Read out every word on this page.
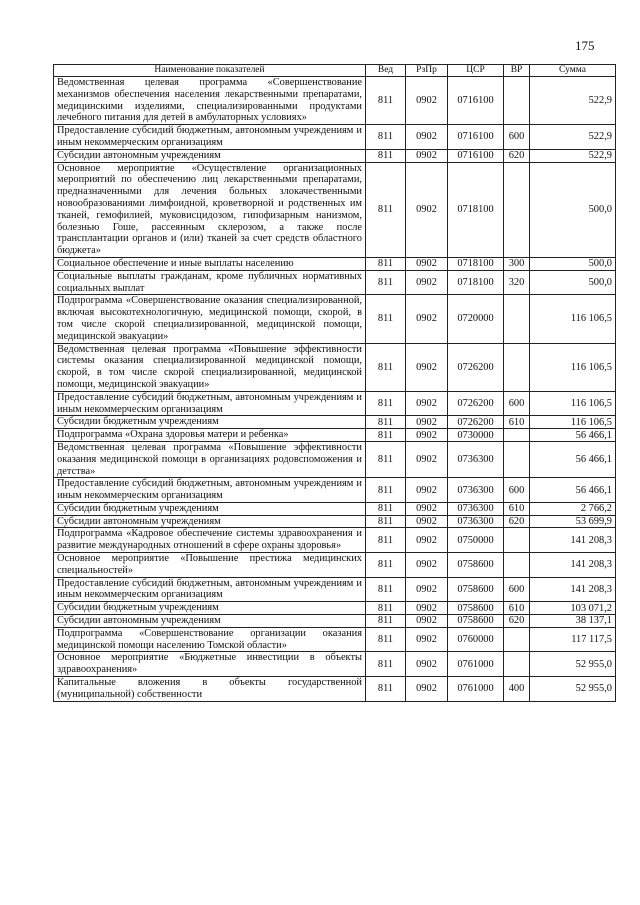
175
Наименование показателей	Вед	РзПр	ЦСР	ВР	Сумма
Ведомственная целевая программа «Совершенствование механизмов обеспечения населения лекарственными препаратами, медицинскими изделиями, специализированными продуктами лечебного питания для детей в амбулаторных условиях»	811	0902	0716100		522,9
Предоставление субсидий бюджетным, автономным учреждениям и иным некоммерческим организациям	811	0902	0716100	600	522,9
Субсидии автономным учреждениям	811	0902	0716100	620	522,9
Основное мероприятие «Осуществление организационных мероприятий по обеспечению лиц лекарственными препаратами, предназначенными для лечения больных злокачественными новообразованиями лимфоидной, кроветворной и родственных им тканей, гемофилией, муковисцидозом, гипофизарным нанизмом, болезнью Гоше, рассеянным склерозом, а также после трансплантации органов и (или) тканей за счет средств областного бюджета»	811	0902	0718100		500,0
Социальное обеспечение и иные выплаты населению	811	0902	0718100	300	500,0
Социальные выплаты гражданам, кроме публичных нормативных социальных выплат	811	0902	0718100	320	500,0
Подпрограмма «Совершенствование оказания специализированной, включая высокотехнологичную, медицинской помощи, скорой, в том числе скорой специализированной, медицинской помощи, медицинской эвакуации»	811	0902	0720000		116 106,5
Ведомственная целевая программа «Повышение эффективности системы оказания специализированной медицинской помощи, скорой, в том числе скорой специализированной, медицинской помощи, медицинской эвакуации»	811	0902	0726200		116 106,5
Предоставление субсидий бюджетным, автономным учреждениям и иным некоммерческим организациям	811	0902	0726200	600	116 106,5
Субсидии бюджетным учреждениям	811	0902	0726200	610	116 106,5
Подпрограмма «Охрана здоровья матери и ребенка»	811	0902	0730000		56 466,1
Ведомственная целевая программа «Повышение эффективности оказания медицинской помощи в организациях родовспоможения и детства»	811	0902	0736300		56 466,1
Предоставление субсидий бюджетным, автономным учреждениям и иным некоммерческим организациям	811	0902	0736300	600	56 466,1
Субсидии бюджетным учреждениям	811	0902	0736300	610	2 766,2
Субсидии автономным учреждениям	811	0902	0736300	620	53 699,9
Подпрограмма «Кадровое обеспечение системы здравоохранения и развитие международных отношений в сфере охраны здоровья»	811	0902	0750000		141 208,3
Основное мероприятие «Повышение престижа медицинских специальностей»	811	0902	0758600		141 208,3
Предоставление субсидий бюджетным, автономным учреждениям и иным некоммерческим организациям	811	0902	0758600	600	141 208,3
Субсидии бюджетным учреждениям	811	0902	0758600	610	103 071,2
Субсидии автономным учреждениям	811	0902	0758600	620	38 137,1
Подпрограмма «Совершенствование организации оказания медицинской помощи населению Томской области»	811	0902	0760000		117 117,5
Основное мероприятие «Бюджетные инвестиции в объекты здравоохранения»	811	0902	0761000		52 955,0
Капитальные вложения в объекты государственной (муниципальной) собственности	811	0902	0761000	400	52 955,0
